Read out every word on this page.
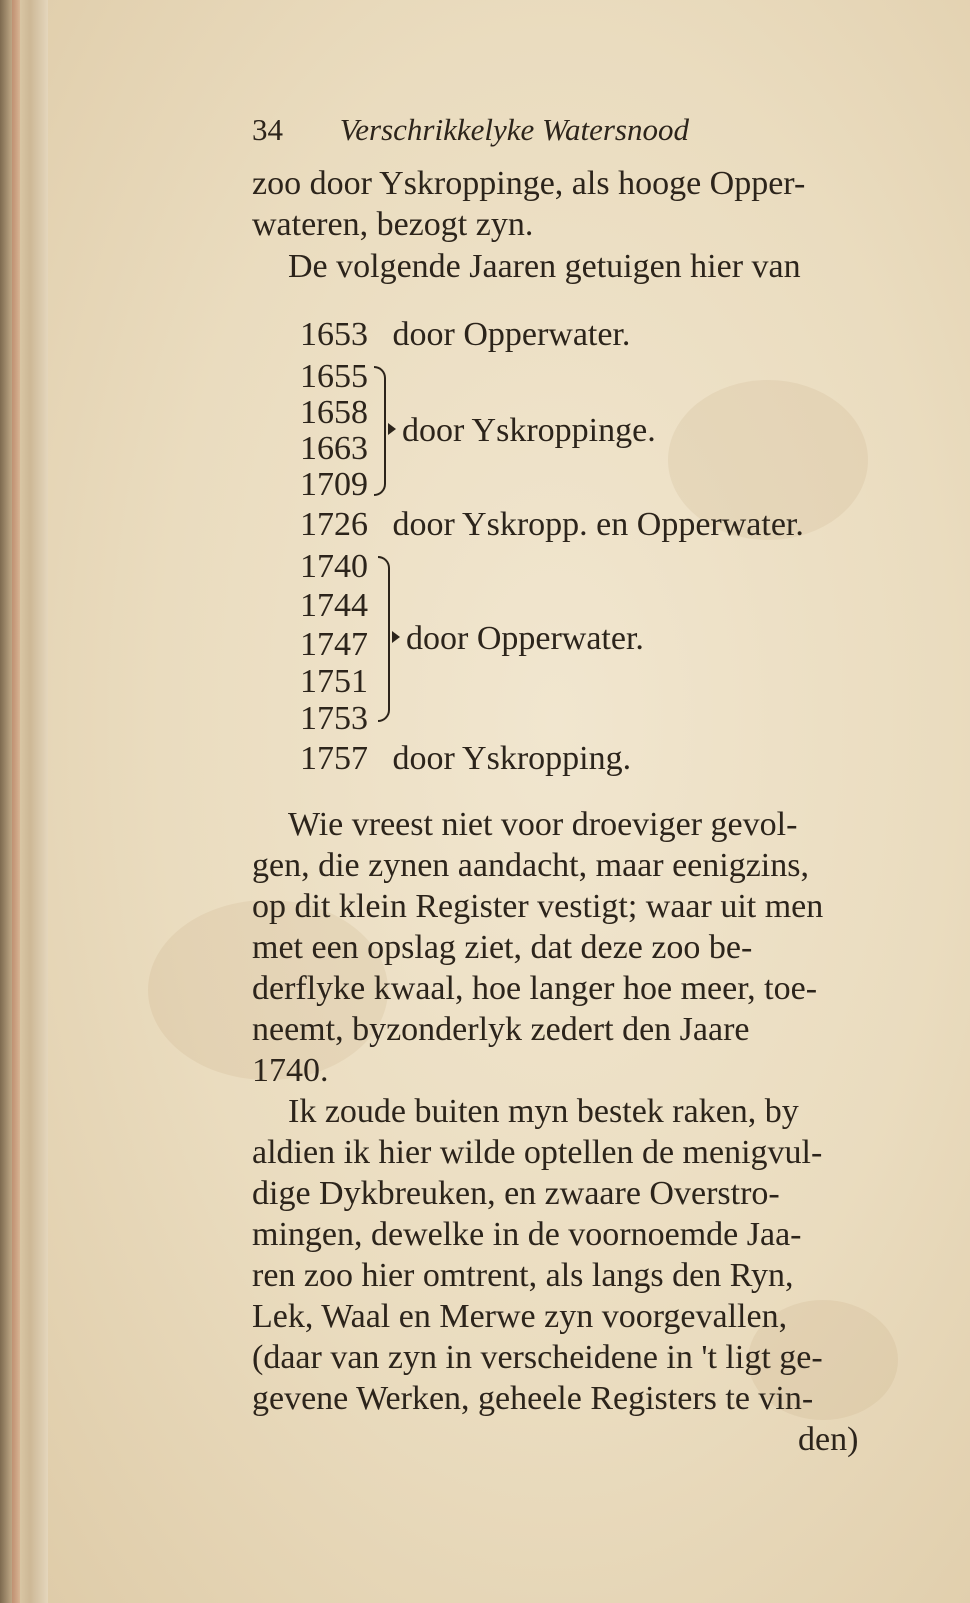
34 Verschrikkelyke Watersnood
zoo door Yskroppinge, als hooge Opper-
wateren, bezogt zyn.
De volgende Jaaren getuigen hier van
1653 door Opperwater.
1655
1658
1663
1709
door Yskroppinge.
1726 door Yskropp. en Opperwater.
1740
1744
1747
1751
1753
door Opperwater.
1757 door Yskropping.
Wie vreest niet voor droeviger gevol-
gen, die zynen aandacht, maar eenigzins,
op dit klein Register vestigt; waar uit men
met een opslag ziet, dat deze zoo be-
derflyke kwaal, hoe langer hoe meer, toe-
neemt, byzonderlyk zedert den Jaare
1740.
Ik zoude buiten myn bestek raken, by
aldien ik hier wilde optellen de menigvul-
dige Dykbreuken, en zwaare Overstro-
mingen, dewelke in de voornoemde Jaa-
ren zoo hier omtrent, als langs den Ryn,
Lek, Waal en Merwe zyn voorgevallen,
(daar van zyn in verscheidene in 't ligt ge-
gevene Werken, geheele Registers te vin-
den)
